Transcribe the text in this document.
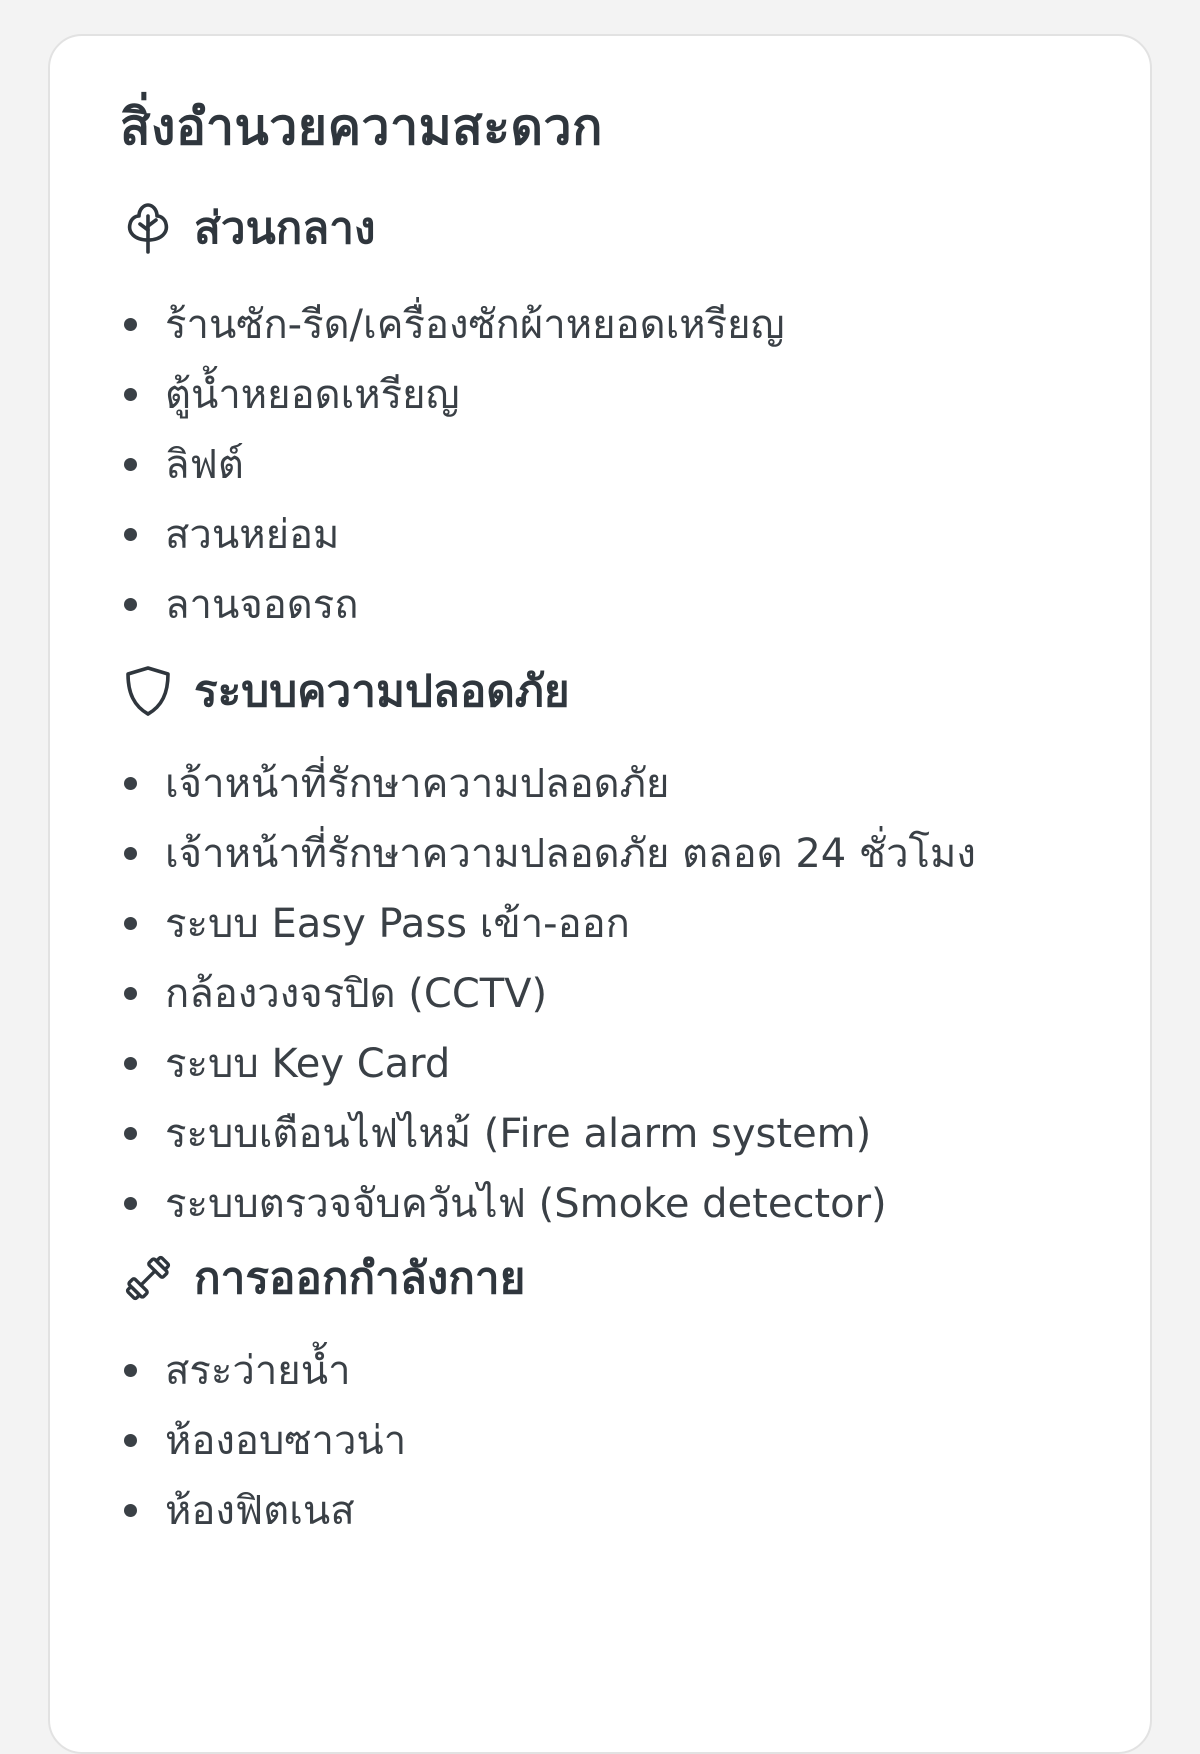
สิ่งอำนวยความสะดวก
ส่วนกลาง
ร้านซัก-รีด/เครื่องซักผ้าหยอดเหรียญ
ตู้น้ำหยอดเหรียญ
ลิฟต์
สวนหย่อม
ลานจอดรถ
ระบบความปลอดภัย
เจ้าหน้าที่รักษาความปลอดภัย
เจ้าหน้าที่รักษาความปลอดภัย ตลอด 24 ชั่วโมง
ระบบ Easy Pass เข้า-ออก
กล้องวงจรปิด (CCTV)
ระบบ Key Card
ระบบเตือนไฟไหม้ (Fire alarm system)
ระบบตรวจจับควันไฟ (Smoke detector)
การออกกำลังกาย
สระว่ายน้ำ
ห้องอบซาวน่า
ห้องฟิตเนส
